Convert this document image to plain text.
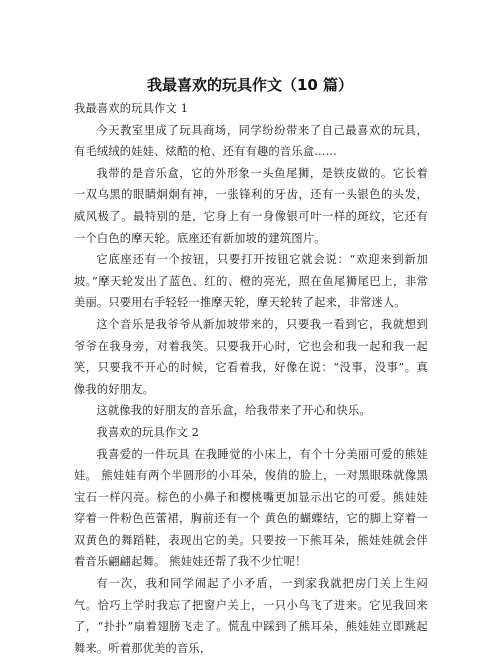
我最喜欢的玩具作文（10 篇）

我最喜欢的玩具作文 1

今天教室里成了玩具商场，同学纷纷带来了自己最喜欢的玩具，有毛绒绒的娃娃、炫酷的枪、还有有趣的音乐盒……

我带的是音乐盒，它的外形象一头鱼尾狮，是铁皮做的。它长着一双乌黑的眼睛炯炯有神，一张锋利的牙齿，还有一头银色的头发，威风极了。最特别的是，它身上有一身像银可叶一样的斑纹，它还有一个白色的摩天轮。底座还有新加坡的建筑图片。

它底座还有一个按钮，只要打开按钮它就会说：“欢迎来到新加坡。”摩天轮发出了蓝色、红的、橙的亮光，照在鱼尾狮尾巴上，非常美丽。只要用右手轻轻一推摩天轮，摩天轮转了起来，非常迷人。

这个音乐是我爷爷从新加坡带来的，只要我一看到它，我就想到爷爷在我身旁，对着我笑。只要我开心时，它也会和我一起和我一起笑，只要我不开心的时候，它看着我，好像在说：“没事，没事”。真像我的好朋友。

这就像我的好朋友的音乐盒，给我带来了开心和快乐。

我喜欢的玩具作文 2

我喜爱的一件玩具 在我睡觉的小床上，有个十分美丽可爱的熊娃娃。 熊娃娃有两个半圆形的小耳朵，俊俏的脸上，一对黑眼珠就像黑宝石一样闪亮。棕色的小鼻子和樱桃嘴更加显示出它的可爱。熊娃娃穿着一件粉色芭蕾裙，胸前还有一个 黄色的蝴蝶结，它的脚上穿着一双黄色的舞蹈鞋，表现出它的美。只要按一下熊耳朵，熊娃娃就会伴着音乐翩翩起舞。 熊娃娃还帮了我不少忙呢！

有一次，我和同学闹起了小矛盾，一到家我就把房门关上生闷气。恰巧上学时我忘了把窗户关上，一只小鸟飞了进来。它见我回来了，“扑扑”扇着翅膀飞走了。慌乱中踩到了熊耳朵，熊娃娃立即跳起舞来。听着那优美的音乐，
